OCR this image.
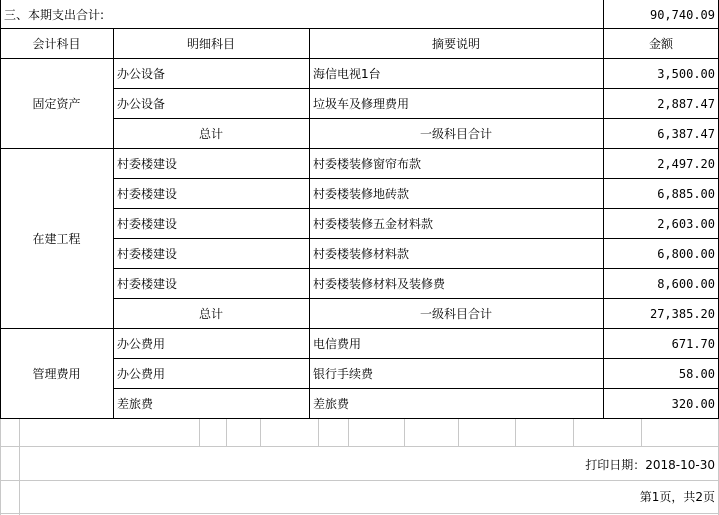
三、本期支出合计:	90,740.09
会计科目	明细科目	摘要说明	金额
固定资产
办公设备	海信电视1台	3,500.00
办公设备	垃圾车及修理费用	2,887.47
总计	一级科目合计	6,387.47
在建工程
村委楼建设	村委楼装修窗帘布款	2,497.20
村委楼建设	村委楼装修地砖款	6,885.00
村委楼建设	村委楼装修五金材料款	2,603.00
村委楼建设	村委楼装修材料款	6,800.00
村委楼建设	村委楼装修材料及装修费	8,600.00
总计	一级科目合计	27,385.20
管理费用
办公费用	电信费用	671.70
办公费用	银行手续费	58.00
差旅费	差旅费	320.00
打印日期：2018-10-30
第1页，共2页
